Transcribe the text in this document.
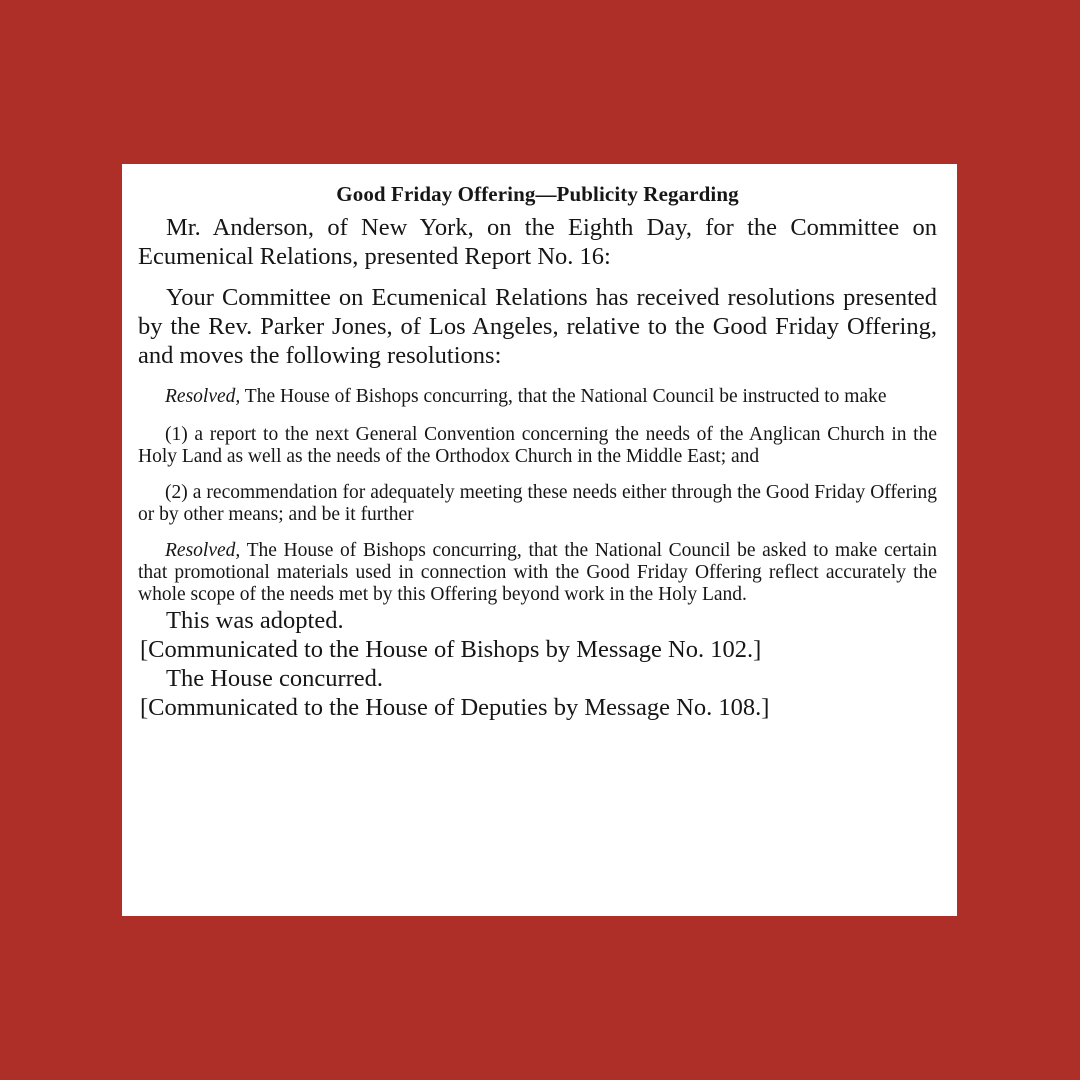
Good Friday Offering—Publicity Regarding

Mr. Anderson, of New York, on the Eighth Day, for the Committee on Ecumenical Relations, presented Report No. 16:

Your Committee on Ecumenical Relations has received resolutions presented by the Rev. Parker Jones, of Los Angeles, relative to the Good Friday Offering, and moves the following resolutions:

Resolved, The House of Bishops concurring, that the National Council be instructed to make

(1) a report to the next General Convention concerning the needs of the Anglican Church in the Holy Land as well as the needs of the Orthodox Church in the Middle East; and

(2) a recommendation for adequately meeting these needs either through the Good Friday Offering or by other means; and be it further

Resolved, The House of Bishops concurring, that the National Council be asked to make certain that promotional materials used in connection with the Good Friday Offering reflect accurately the whole scope of the needs met by this Offering beyond work in the Holy Land.

This was adopted.

[Communicated to the House of Bishops by Message No. 102.]

The House concurred.

[Communicated to the House of Deputies by Message No. 108.]
